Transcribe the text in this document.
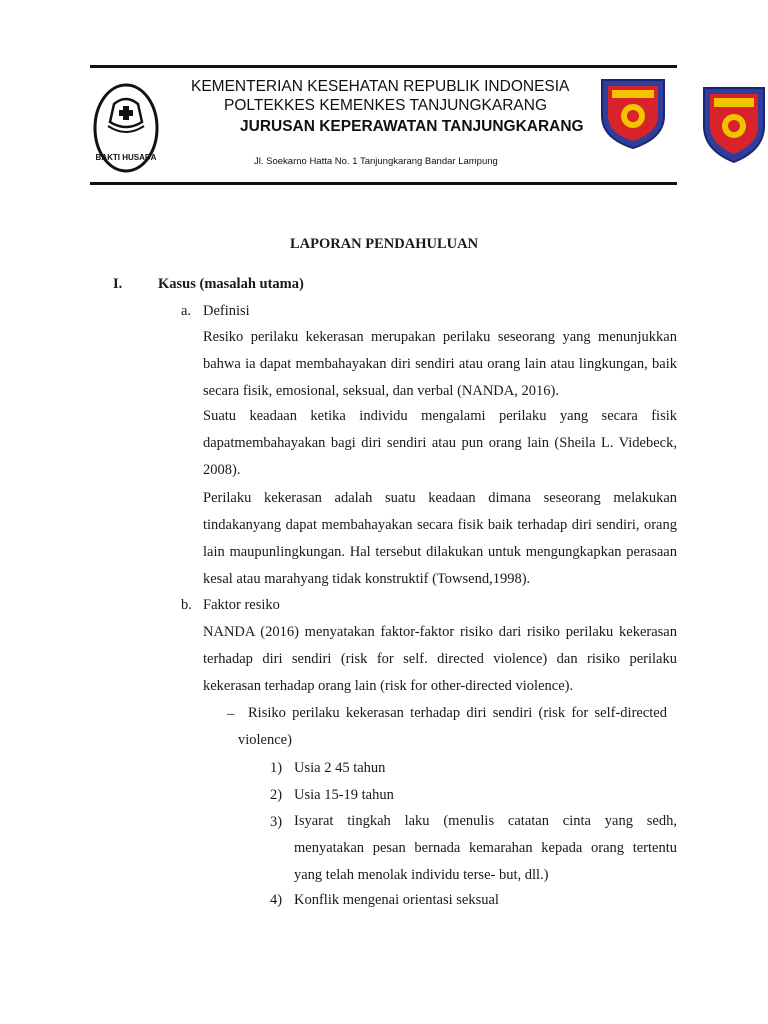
BAKTI HUSADA
KEMENTERIAN KESEHATAN REPUBLIK INDONESIA
POLTEKKES KEMENKES TANJUNGKARANG
JURUSAN KEPERAWATAN TANJUNGKARANG
Jl. Soekarno Hatta No. 1 Tanjungkarang Bandar Lampung
LAPORAN PENDAHULUAN
I. Kasus (masalah utama)
a. Definisi
Resiko perilaku kekerasan merupakan perilaku seseorang yang menunjukkan bahwa ia dapat membahayakan diri sendiri atau orang lain atau lingkungan, baik secara fisik, emosional, seksual, dan verbal (NANDA, 2016).
Suatu keadaan ketika individu mengalami perilaku yang secara fisik dapatmembahayakan bagi diri sendiri atau pun orang lain (Sheila L. Videbeck, 2008).
Perilaku kekerasan adalah suatu keadaan dimana seseorang melakukan tindakanyang dapat membahayakan secara fisik baik terhadap diri sendiri, orang lain maupunlingkungan. Hal tersebut dilakukan untuk mengungkapkan perasaan kesal atau marahyang tidak konstruktif (Towsend,1998).
b. Faktor resiko
NANDA (2016) menyatakan faktor-faktor risiko dari risiko perilaku kekerasan terhadap diri sendiri (risk for self. directed violence) dan risiko perilaku kekerasan terhadap orang lain (risk for other-directed violence).
– Risiko perilaku kekerasan terhadap diri sendiri (risk for self-directed violence)
1) Usia 2 45 tahun
2) Usia 15-19 tahun
3) Isyarat tingkah laku (menulis catatan cinta yang sedh, menyatakan pesan bernada kemarahan kepada orang tertentu yang telah menolak individu terse- but, dll.)
4) Konflik mengenai orientasi seksual
